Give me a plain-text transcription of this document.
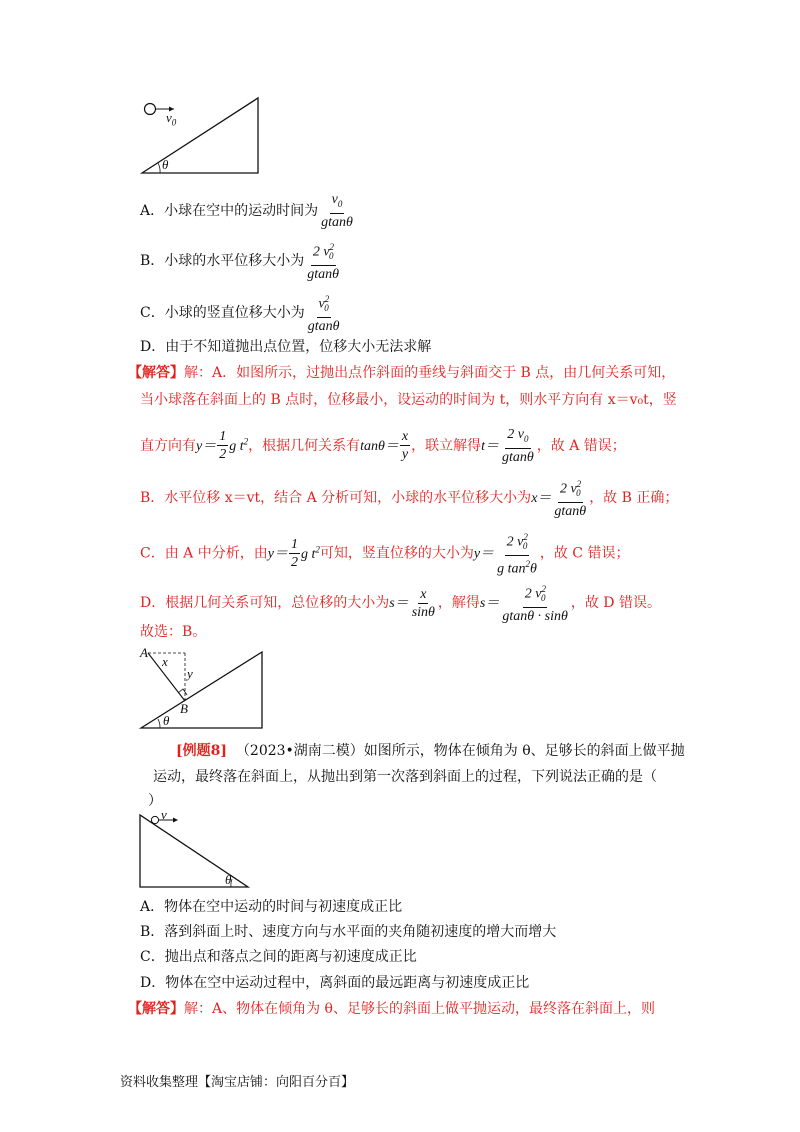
$v_0$
θ
A．小球在空中的运动时间为 $\frac{v_0}{gtan\theta}$
B．小球的水平位移大小为 $\frac{2 v^2_0}{gtan\theta}$
C．小球的竖直位移大小为 $\frac{v^2_0}{gtan\theta}$
D．由于不知道抛出点位置，位移大小无法求解
【解答】解：A．如图所示，过抛出点作斜面的垂线与斜面交于 B 点，由几何关系可知，
当小球落在斜面上的 B 点时，位移最小，设运动的时间为 t，则水平方向有 x＝v₀t，竖
直方向有$y= \frac{1}{2}$ g $t^2$，根据几何关系有$\tan\theta= \frac{x}{y}$ ，联立解得$t= \frac{2 v_0}{gtan\theta}$ ，故 A 错误；
B．水平位移 x＝vt，结合 A 分析可知，小球的水平位移大小为$x= \frac{2 v^2_0}{gtan\theta}$ ，故 B 正确；
C．由 A 中分析，由$y= \frac{1}{2}$ g $t^2$可知，竖直位移的大小为$y= \frac{2 v^2_0}{g \tan^2\theta}$ ，故 C 错误；
D．根据几何关系可知，总位移的大小为$s= \frac{x}{\sin\theta}$ ，解得$s= \frac{2 v^2_0}{gtan\theta \cdot \sin\theta}$ ，故 D 错误。
故选：B。
A
x
y
B
θ
[例题8] （2023•湖南二模）如图所示，物体在倾角为 θ、足够长的斜面上做平抛
运动，最终落在斜面上，从抛出到第一次落到斜面上的过程，下列说法正确的是（
）
v
θ
A．物体在空中运动的时间与初速度成正比
B．落到斜面上时、速度方向与水平面的夹角随初速度的增大而增大
C．抛出点和落点之间的距离与初速度成正比
D．物体在空中运动过程中，离斜面的最远距离与初速度成正比
【解答】解：A、物体在倾角为 θ、足够长的斜面上做平抛运动，最终落在斜面上，则
资料收集整理【淘宝店铺：向阳百分百】
